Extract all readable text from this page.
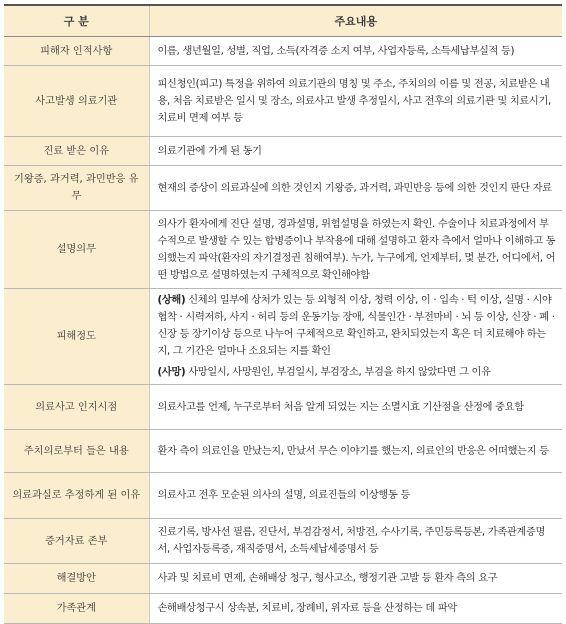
구 분	주요내용
피해자 인적사항	이름, 생년월일, 성별, 직업, 소득(자격증 소지 여부, 사업자등록, 소득세납부실적 등)
사고발생 의료기관	피신청인(피고) 특정을 위하여 의료기관의 명칭 및 주소, 주치의의 이름 및 전공, 치료받은 내용, 처음 치료받은 일시 및 장소, 의료사고 발생 추정일시, 사고 전후의 의료기관 및 치료시기, 치료비 면제 여부 등
진료 받은 이유	의료기관에 가게 된 동기
기왕증, 과거력, 과민반응 유무	현재의 증상이 의료과실에 의한 것인지 기왕증, 과거력, 과민반응 등에 의한 것인지 판단 자료
설명의무	의사가 환자에게 진단 설명, 경과설명, 위험설명을 하였는지 확인. 수술이나 치료과정에서 부수적으로 발생할 수 있는 합병증이나 부작용에 대해 설명하고 환자 측에서 얼마나 이해하고 동의했는지 파악(환자의 자기결정권 침해여부). 누가, 누구에게, 언제부터, 몇 분간, 어디에서, 어떤 방법으로 설명하였는지 구체적으로 확인해야함
피해정도	(상해) 신체의 일부에 상처가 있는 등 외형적 이상, 청력 이상, 이 · 입속 · 턱 이상, 실명 · 시야협착 · 시력저하, 사지 · 허리 등의 운동기능 장애, 식물인간 · 부전마비 · 뇌 등 이상, 신장 · 폐 · 신장 등 장기이상 등으로 나누어 구체적으로 확인하고, 완치되었는지 혹은 더 치료해야 하는 지, 그 기간은 얼마나 소요되는 지를 확인
(사망) 사망일시, 사망원인, 부검일시, 부검장소, 부검을 하지 않았다면 그 이유

의료사고 인지시점	의료사고를 언제, 누구로부터 처음 알게 되었는 지는 소멸시효 기산점을 산정에 중요함
주치의로부터 들은 내용	환자 측이 의료인을 만났는지, 만났서 무슨 이야기를 했는지, 의료인의 반응은 어떠했는지 등
의료과실로 추정하게 된 이유	의료사고 전후 모순된 의사의 설명, 의료진들의 이상행동 등
증거자료 존부	진료기록, 방사선 필름, 진단서, 부검감정서, 처방전, 수사기록, 주민등록등본, 가족관계증명서, 사업자등록증, 재직증명서, 소득세납세증명서 등
해결방안	사과 및 치료비 면제, 손해배상 청구, 형사고소, 행정기관 고발 등 환자 측의 요구
가족관계	손해배상청구시 상속분, 치료비, 장례비, 위자료 등을 산정하는 데 파악
